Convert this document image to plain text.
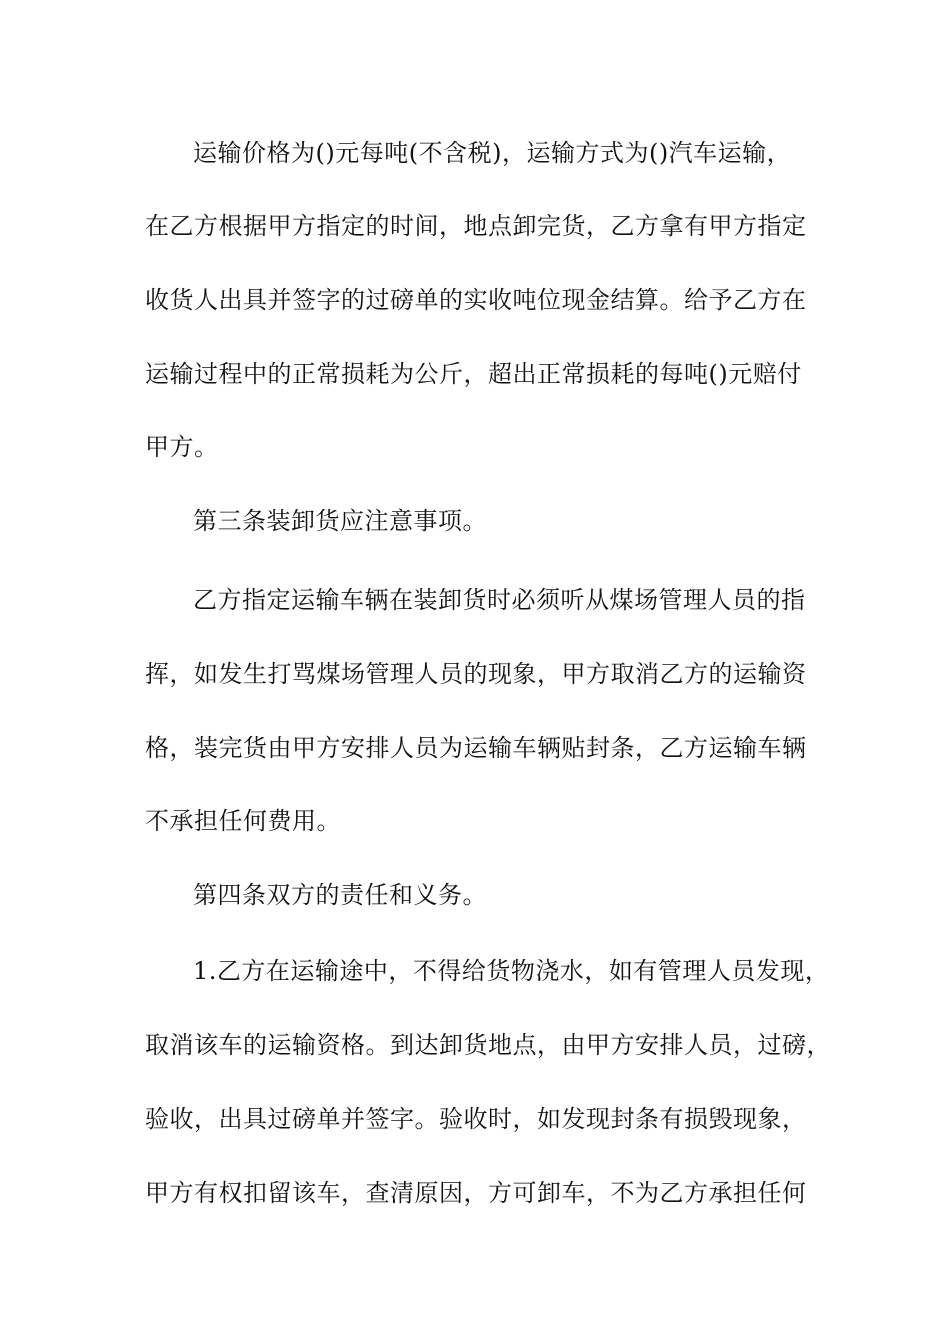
运输价格为()元每吨(不含税)，运输方式为()汽车运输，
在乙方根据甲方指定的时间，地点卸完货，乙方拿有甲方指定
收货人出具并签字的过磅单的实收吨位现金结算。给予乙方在
运输过程中的正常损耗为公斤，超出正常损耗的每吨()元赔付
甲方。
第三条装卸货应注意事项。
乙方指定运输车辆在装卸货时必须听从煤场管理人员的指
挥，如发生打骂煤场管理人员的现象，甲方取消乙方的运输资
格，装完货由甲方安排人员为运输车辆贴封条，乙方运输车辆
不承担任何费用。
第四条双方的责任和义务。
1.乙方在运输途中，不得给货物浇水，如有管理人员发现，
取消该车的运输资格。到达卸货地点，由甲方安排人员，过磅，
验收，出具过磅单并签字。验收时，如发现封条有损毁现象，
甲方有权扣留该车，查清原因，方可卸车，不为乙方承担任何
